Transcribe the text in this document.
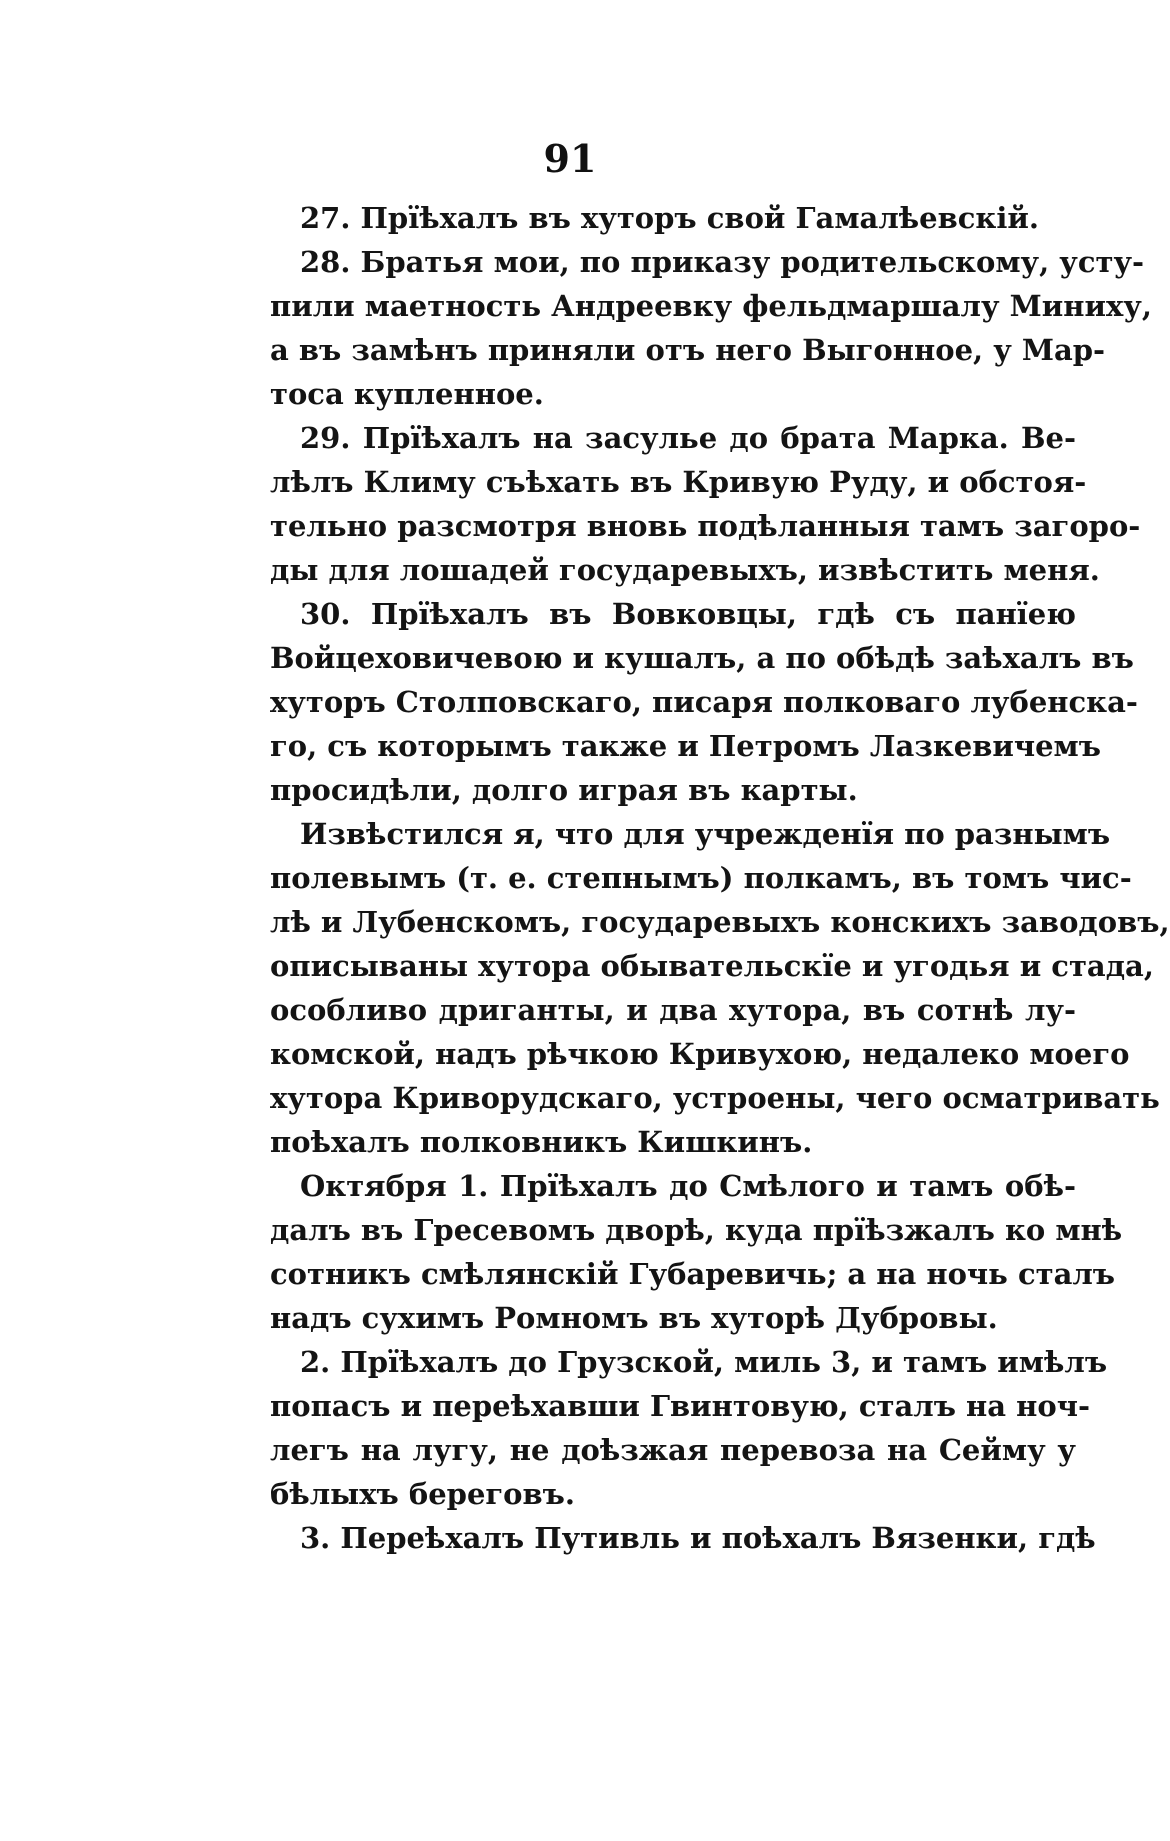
91
27. Прїѣхалъ въ хуторъ свой Гамалѣевскій.
28. Братья мои, по приказу родительскому, усту-
пили маетность Андреевку фельдмаршалу Миниху,
а въ замѣнъ приняли отъ него Выгонное, у Мар-
тоса купленное.
29. Прїѣхалъ на засулье до брата Марка. Ве-
лѣлъ Климу съѣхать въ Кривую Руду, и обстоя-
тельно разсмотря вновь подѣланныя тамъ загоро-
ды для лошадей государевыхъ, извѣстить меня.
30. Прїѣхалъ въ Вовковцы, гдѣ съ панїею
Войцеховичевою и кушалъ, а по обѣдѣ заѣхалъ въ
хуторъ Столповскаго, писаря полковаго лубенска-
го, съ которымъ также и Петромъ Лазкевичемъ
просидѣли, долго играя въ карты.
Извѣстился я, что для учрежденїя по разнымъ
полевымъ (т. е. степнымъ) полкамъ, въ томъ чис-
лѣ и Лубенскомъ, государевыхъ конскихъ заводовъ,
описываны хутора обывательскїе и угодья и стада,
особливо дриганты, и два хутора, въ сотнѣ лу-
комской, надъ рѣчкою Кривухою, недалеко моего
хутора Криворудскаго, устроены, чего осматривать
поѣхалъ полковникъ Кишкинъ.
Октября 1. Прїѣхалъ до Смѣлого и тамъ обѣ-
далъ въ Гресевомъ дворѣ, куда прїѣзжалъ ко мнѣ
сотникъ смѣлянскій Губаревичь; а на ночь сталъ
надъ сухимъ Ромномъ въ хуторѣ Дубровы.
2. Прїѣхалъ до Грузской, миль 3, и тамъ имѣлъ
попасъ и переѣхавши Гвинтовую, сталъ на ноч-
легъ на лугу, не доѣзжая перевоза на Сейму у
бѣлыхъ береговъ.
3. Переѣхалъ Путивль и поѣхалъ Вязенки, гдѣ
